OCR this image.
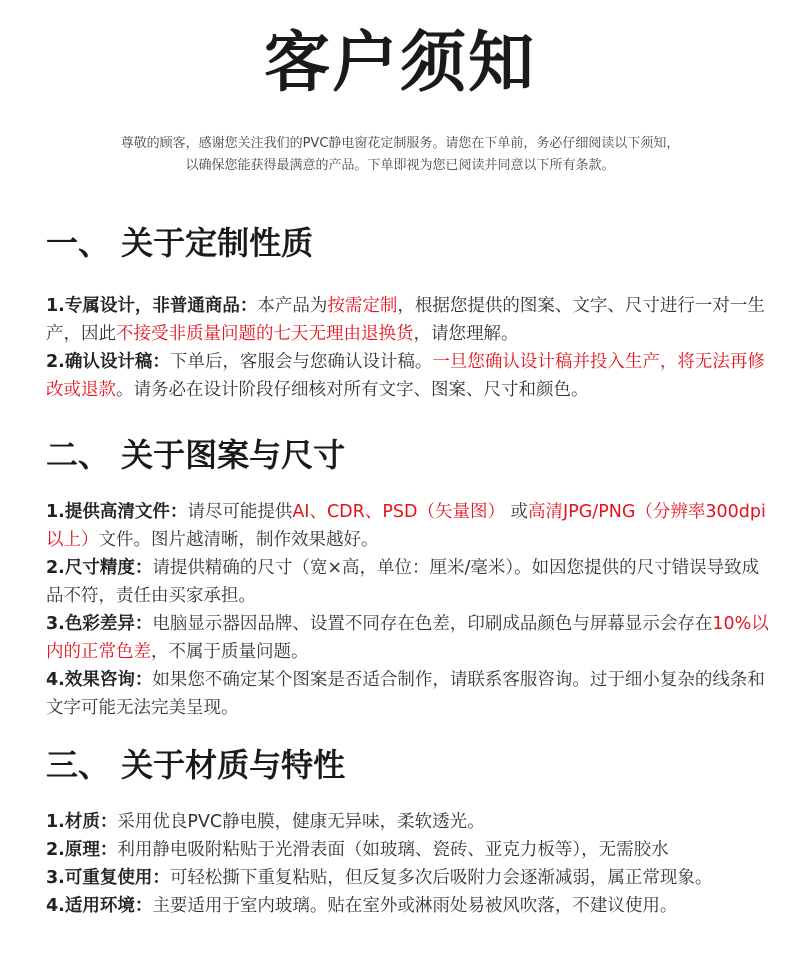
客户须知

尊敬的顾客，感谢您关注我们的PVC静电窗花定制服务。请您在下单前，务必仔细阅读以下须知，

以确保您能获得最满意的产品。下单即视为您已阅读并同意以下所有条款。

一、 关于定制性质

1.专属设计，非普通商品：本产品为按需定制，根据您提供的图案、文字、尺寸进行一对一生产，因此不接受非质量问题的七天无理由退换货，请您理解。

2.确认设计稿：下单后，客服会与您确认设计稿。一旦您确认设计稿并投入生产，将无法再修改或退款。请务必在设计阶段仔细核对所有文字、图案、尺寸和颜色。

二、 关于图案与尺寸

1.提供高清文件：请尽可能提供AI、CDR、PSD（矢量图） 或高清JPG/PNG（分辨率300dpi以上）文件。图片越清晰，制作效果越好。

2.尺寸精度：请提供精确的尺寸（宽×高，单位：厘米/毫米）。如因您提供的尺寸错误导致成品不符，责任由买家承担。

3.色彩差异：电脑显示器因品牌、设置不同存在色差，印刷成品颜色与屏幕显示会存在10%以内的正常色差，不属于质量问题。

4.效果咨询：如果您不确定某个图案是否适合制作，请联系客服咨询。过于细小复杂的线条和文字可能无法完美呈现。

三、 关于材质与特性

1.材质：采用优良PVC静电膜，健康无异味，柔软透光。

2.原理：利用静电吸附粘贴于光滑表面（如玻璃、瓷砖、亚克力板等），无需胶水

3.可重复使用：可轻松撕下重复粘贴，但反复多次后吸附力会逐渐减弱，属正常现象。

4.适用环境：主要适用于室内玻璃。贴在室外或淋雨处易被风吹落，不建议使用。
